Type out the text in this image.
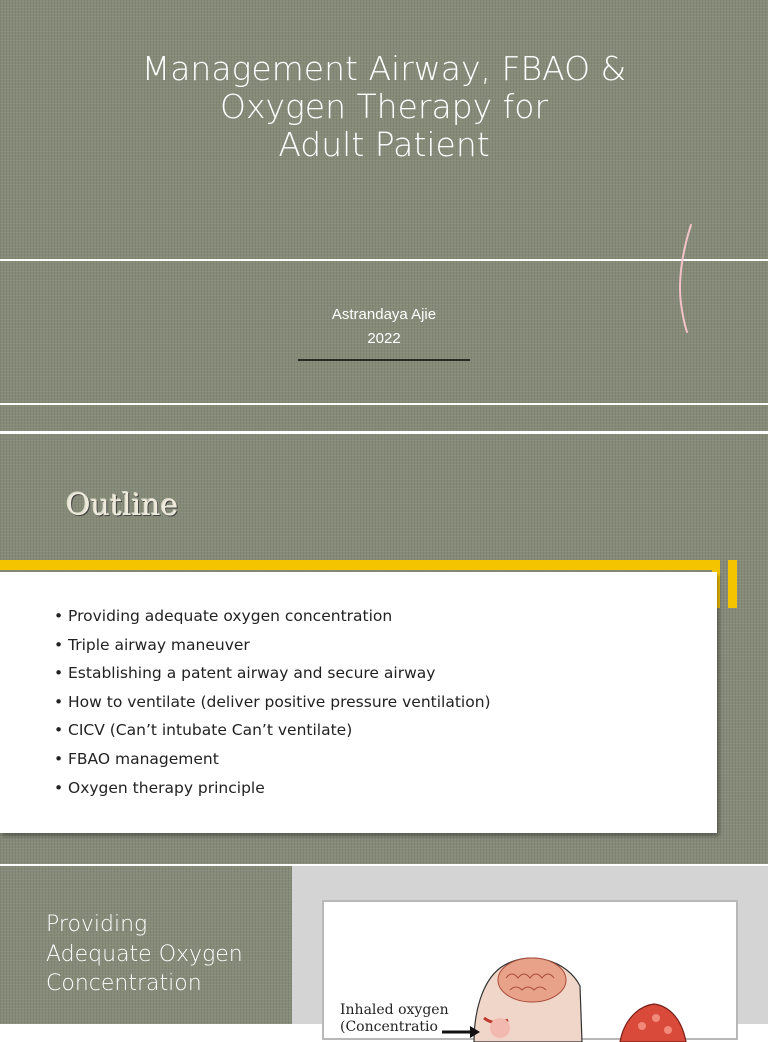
Management Airway, FBAO &
Oxygen Therapy for
Adult Patient
Astrandaya Ajie
2022
Outline
• Providing adequate oxygen concentration
• Triple airway maneuver
• Establishing a patent airway and secure airway
• How to ventilate (deliver positive pressure ventilation)
• CICV (Can’t intubate Can’t ventilate)
• FBAO management
• Oxygen therapy principle
Providing
Adequate Oxygen
Concentration
Inhaled oxygen
(Concentratio
